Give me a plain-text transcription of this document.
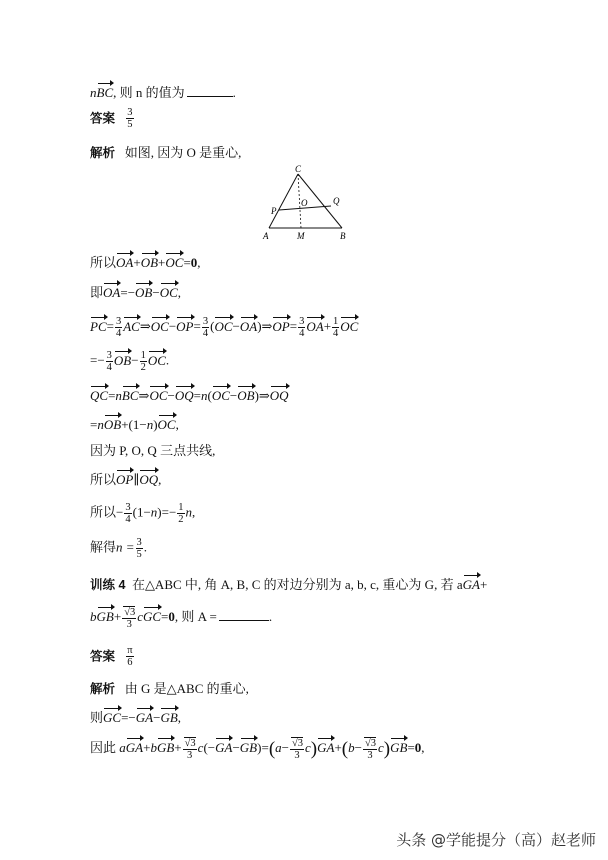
nBC, 则 n 的值为	.
答案 $\frac{3}{5}$
解析 如图, 因为 O 是重心,
C
P
O	Q
A	M	B
所以OA+OB+OC=0,
即OA=−OB−OC,
$PC= \frac{3}{4}$ AC⇒OC−OP= $\frac{3}{4}$ (OC−OA)⇒OP= $\frac{3}{4} OA+ \frac{1}{4}$ OC
=− $\frac{3}{4} OB- \frac{1}{2}$ OC.
QC=nBC⇒OC−OQ=n(OC−OB)⇒OQ
=nOB+(1−n)OC,
因为 P, O, Q 三点共线,
所以OP∥OQ,
所以− $\frac{3}{4} (1-n)=- \frac{1}{2} n$,
解得$n = \frac{3}{5}$ .
训练 4 在△ABC 中, 角 A, B, C 的对边分别为 a, b, c, 重心为 G, 若 aGA+
$bGB+ \frac{√3}{3} cGC=0$, 则 A =	.
答案 $\frac{\pi}{6}$
解析 由 G 是△ABC 的重心,
则GC=−GA−GB,
因此 $aGA+bGB+ \frac{√3}{3} c(-GA-GB)=(a- \frac{√3}{3} c)GA+(b- \frac{√3}{3} c)GB=0$,
头条 @学能提分（高）赵老师
